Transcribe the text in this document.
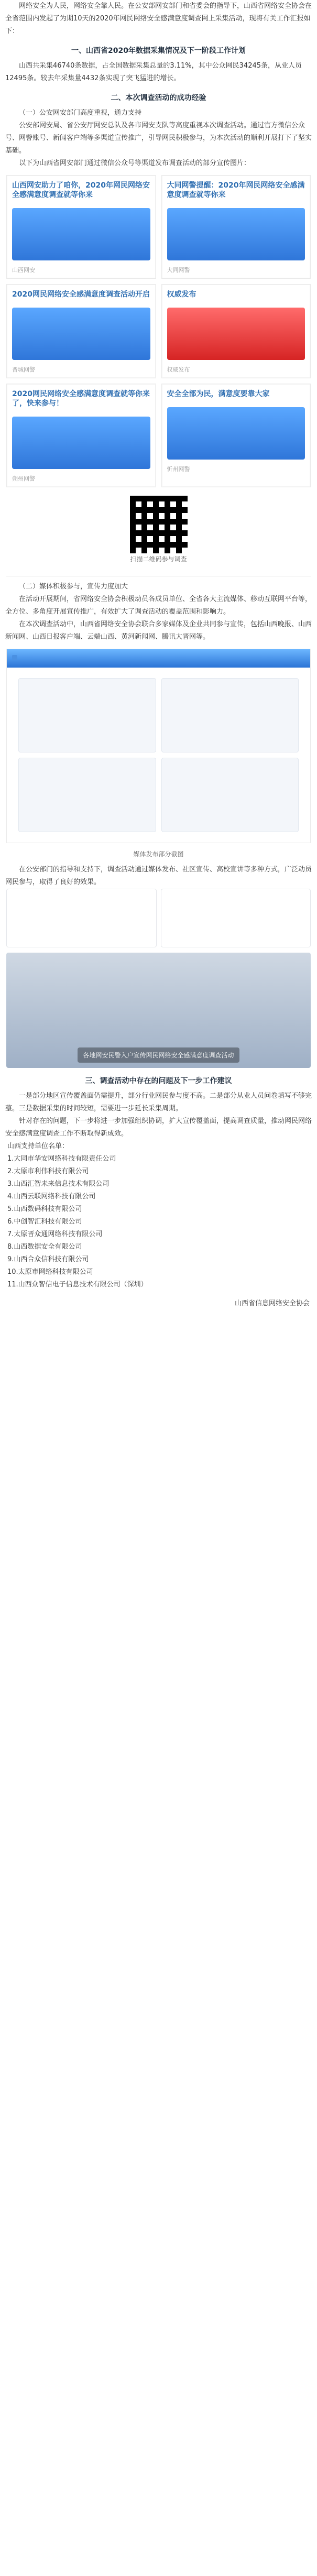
网络安全为人民，网络安全靠人民。在公安部网安部门和省委会的指导下，山西省网络安全协会在全省范围内发起了为期10天的2020年网民网络安全感满意度调查网上采集活动，现将有关工作汇报如下：

一、山西省2020年数据采集情况及下一阶段工作计划

山西共采集46740条数据，占全国数据采集总量的3.11%，其中公众网民34245条，从业人员12495条。较去年采集量4432条实现了突飞猛进的增长。

二、本次调查活动的成功经验
（一）公安网安部门高度重视，通力支持

公安部网安局、省公安厅网安总队及各市网安支队等高度重视本次调查活动。通过官方微信公众号、网警账号、新闻客户端等多渠道宣传推广，引导网民积极参与，为本次活动的顺利开展打下了坚实基础。

以下为山西省网安部门通过微信公众号等渠道发布调查活动的部分宣传图片：

山西网安助力了咱你，2020年网民网络安全感满意度调查就等你来
山西网安
大同网警提醒：2020年网民网络安全感满意度调查就等你来
大同网警
2020网民网络安全感满意度调查活动开启
晋城网警
权威发布
权威发布
2020网民网络安全感满意度调查就等你来了，快来参与！
朔州网警
安全全部为民，满意度要靠大家
忻州网警
扫描二维码参与调查
（二）媒体积极参与，宣传力度加大

在活动开展期间，省网络安全协会积极动员各成员单位、全省各大主流媒体、移动互联网平台等，全方位、多角度开展宣传推广，有效扩大了调查活动的覆盖范围和影响力。

在本次调查活动中，山西省网络安全协会联合多家媒体及企业共同参与宣传，包括山西晚报、山西新闻网、山西日报客户端、云端山西、黄河新闻网、腾讯大晋网等。

媒体发布部分截图

在公安部门的指导和支持下，调查活动通过媒体发布、社区宣传、高校宣讲等多种方式，广泛动员网民参与，取得了良好的效果。

各地网安民警入户宣传网民网络安全感满意度调查活动
三、调查活动中存在的问题及下一步工作建议

一是部分地区宣传覆盖面仍需提升，部分行业网民参与度不高。二是部分从业人员问卷填写不够完整。三是数据采集的时间较短，需要进一步延长采集周期。

针对存在的问题，下一步将进一步加强组织协调，扩大宣传覆盖面，提高调查质量，推动网民网络安全感满意度调查工作不断取得新成效。

山西支持单位名单：
1.大同市华安网络科技有限责任公司
2.太原市利伟科技有限公司
3.山西汇智未来信息技术有限公司
4.山西云联网络科技有限公司
5.山西数码科技有限公司
6.中创智汇科技有限公司
7.太原晋众通网络科技有限公司
8.山西数据安全有限公司
9.山西合众信科技有限公司
10.太原市网络科技有限公司
11.山西众智信电子信息技术有限公司（深圳）
山西省信息网络安全协会
